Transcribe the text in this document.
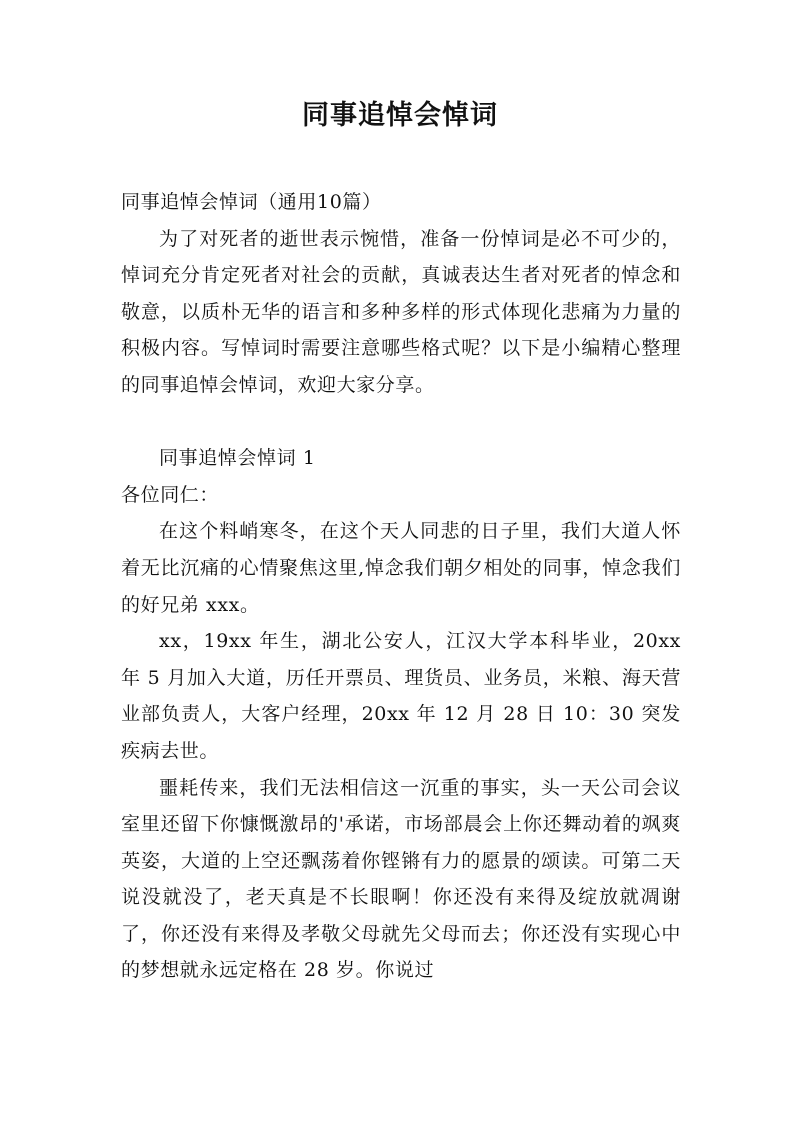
同事追悼会悼词

同事追悼会悼词（通用10篇）

为了对死者的逝世表示惋惜，准备一份悼词是必不可少的，悼词充分肯定死者对社会的贡献，真诚表达生者对死者的悼念和敬意，以质朴无华的语言和多种多样的形式体现化悲痛为力量的积极内容。写悼词时需要注意哪些格式呢？以下是小编精心整理的同事追悼会悼词，欢迎大家分享。

同事追悼会悼词 1

各位同仁：

在这个料峭寒冬，在这个天人同悲的日子里，我们大道人怀着无比沉痛的心情聚焦这里,悼念我们朝夕相处的同事，悼念我们的好兄弟 xxx。

xx，19xx 年生，湖北公安人，江汉大学本科毕业，20xx 年 5 月加入大道，历任开票员、理货员、业务员，米粮、海天营业部负责人，大客户经理，20xx 年 12 月 28 日 10：30 突发疾病去世。

噩耗传来，我们无法相信这一沉重的事实，头一天公司会议室里还留下你慷慨激昂的'承诺，市场部晨会上你还舞动着的飒爽英姿，大道的上空还飘荡着你铿锵有力的愿景的颂读。可第二天说没就没了，老天真是不长眼啊！你还没有来得及绽放就凋谢了，你还没有来得及孝敬父母就先父母而去；你还没有实现心中的梦想就永远定格在 28 岁。你说过
